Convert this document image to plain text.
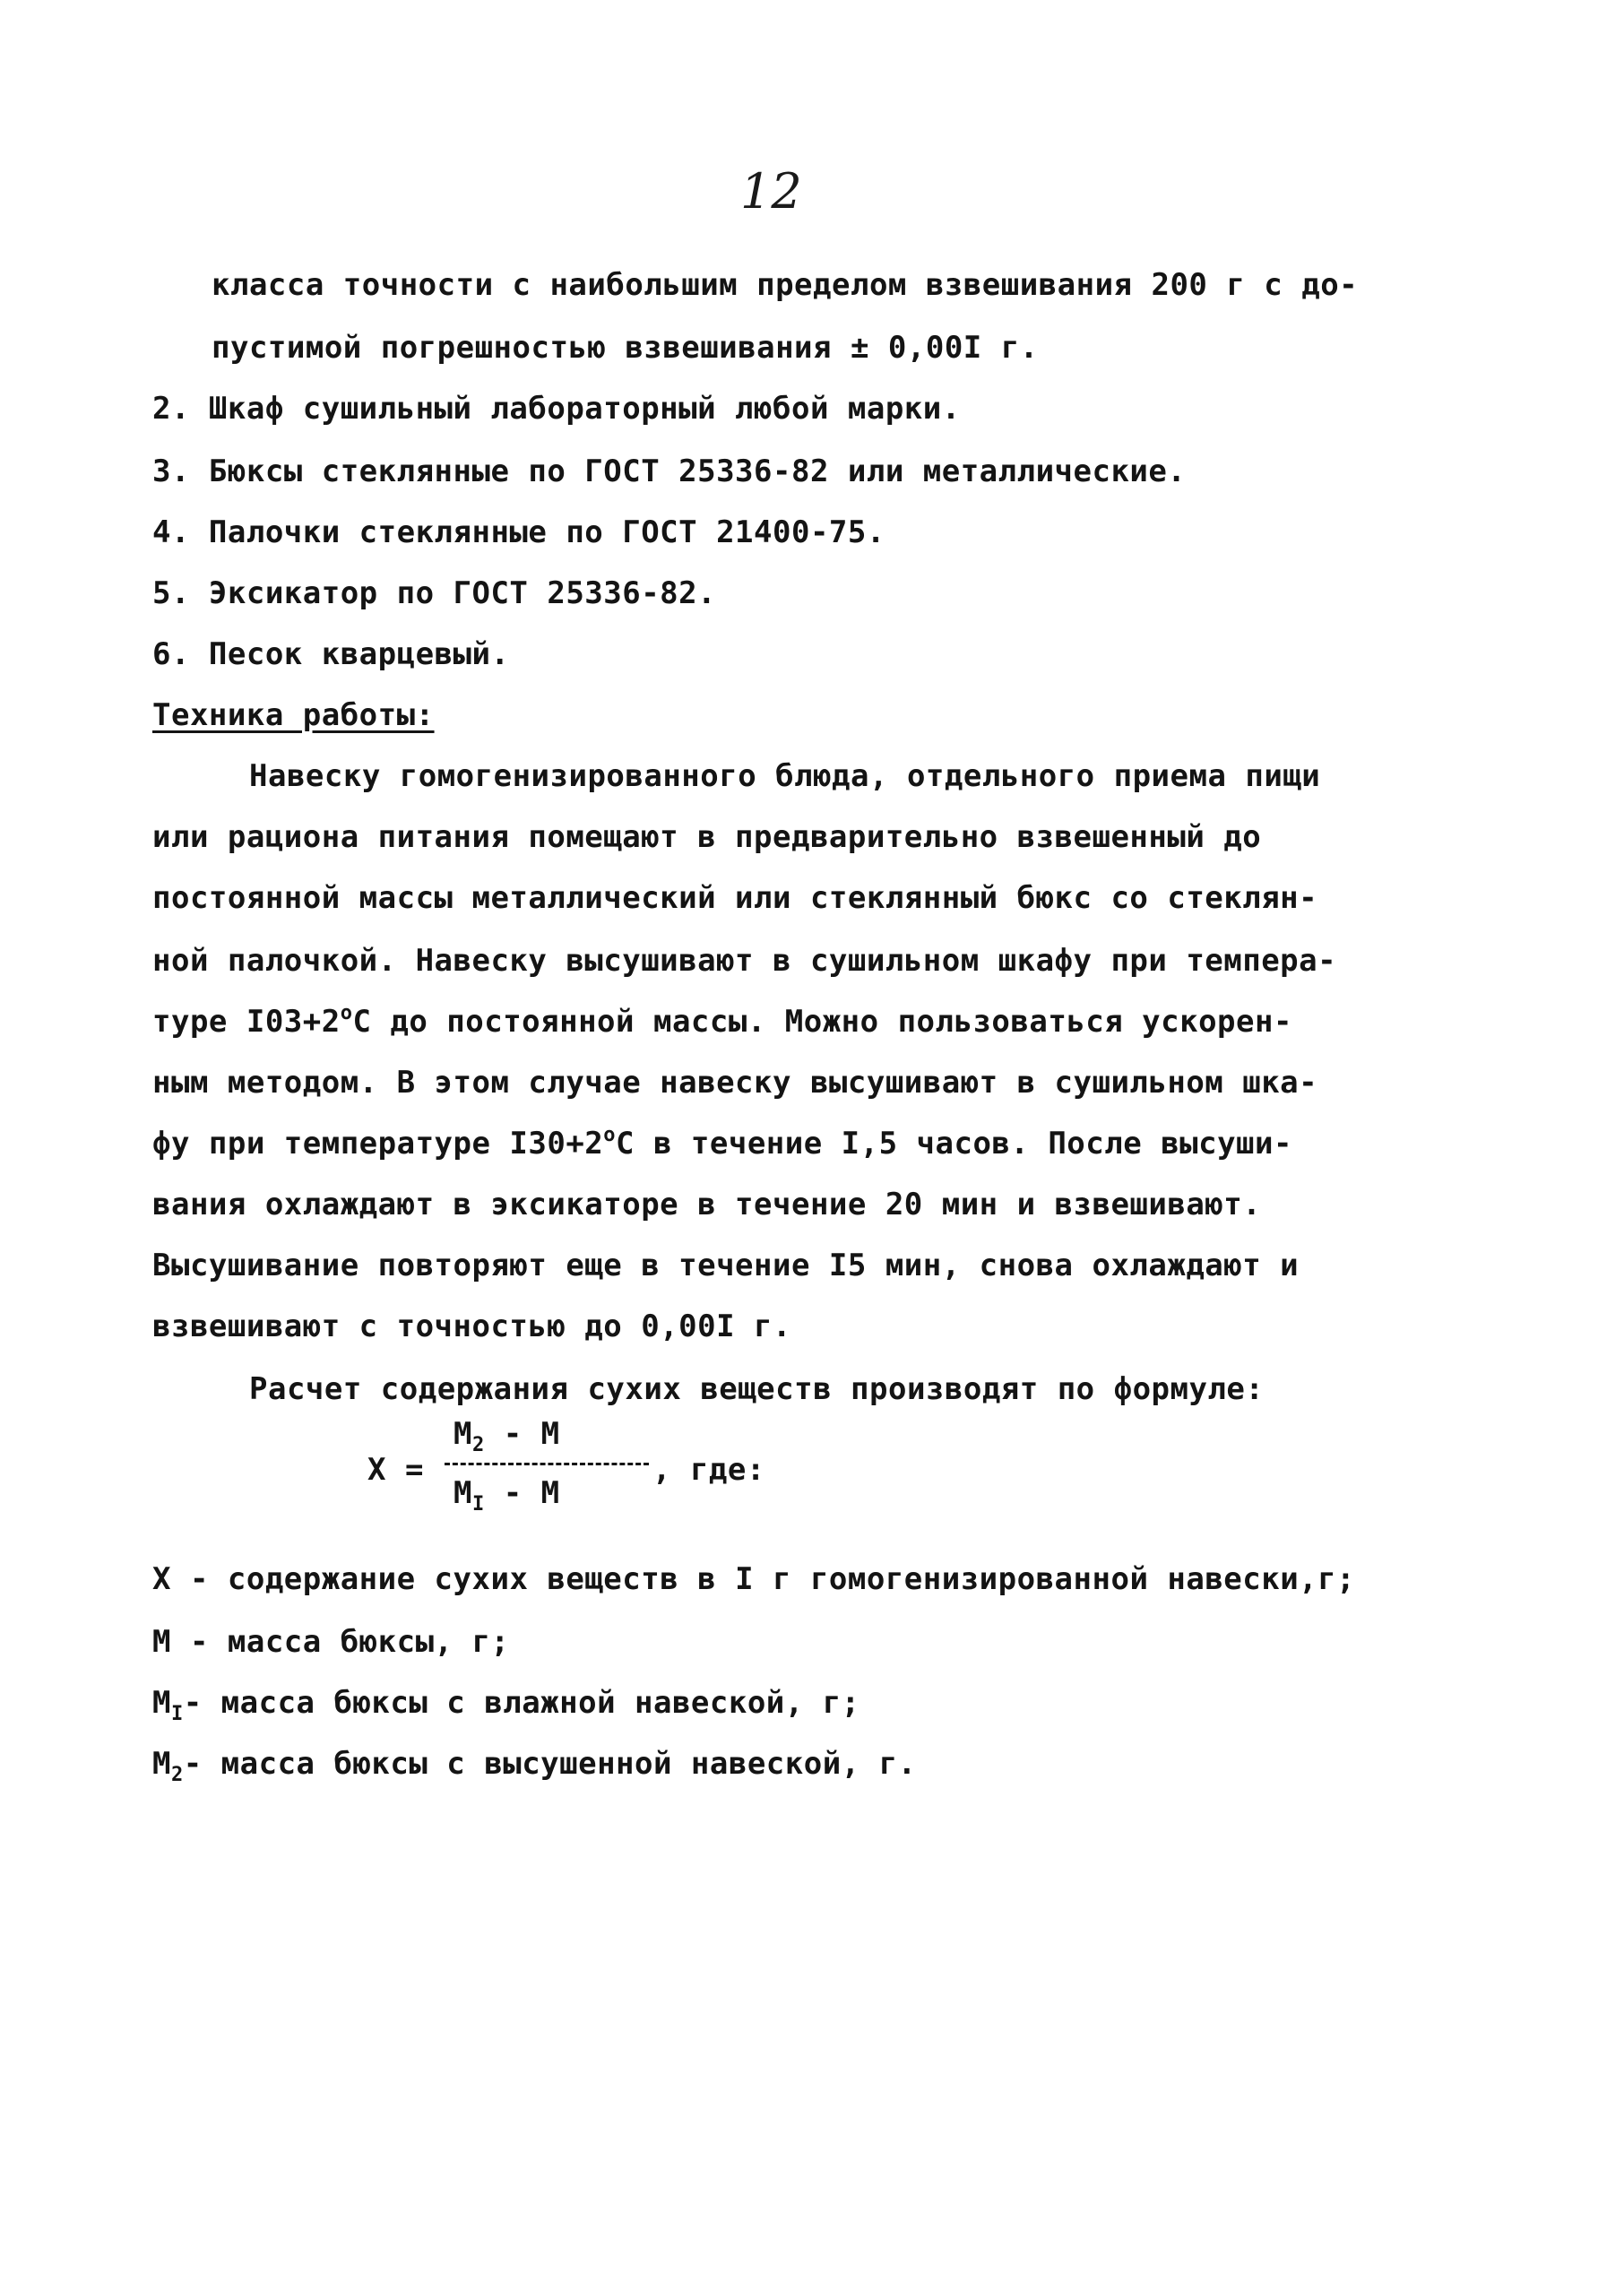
12
класса точности с наибольшим пределом взвешивания 200 г с до-
пустимой погрешностью взвешивания ± 0,00I г.
2. Шкаф сушильный лабораторный любой марки.
3. Бюксы стеклянные по ГОСТ 25336-82 или металлические.
4. Палочки стеклянные по ГОСТ 21400-75.
5. Эксикатор по ГОСТ 25336-82.
6. Песок кварцевый.
Техника работы:
Навеску гомогенизированного блюда, отдельного приема пищи
или рациона питания помещают в предварительно взвешенный до
постоянной массы металлический или стеклянный бюкс со стеклян-
ной палочкой. Навеску высушивают в сушильном шкафу при темпера-
туре $I03+2^оС$ до постоянной массы. Можно пользоваться ускорен-
ным методом. В этом случае навеску высушивают в сушильном шка-
фу при температуре $I30+2^оС$ в течение I,5 часов. После высуши-
вания охлаждают в эксикаторе в течение 20 мин и взвешивают.
Высушивание повторяют еще в течение I5 мин, снова охлаждают и
взвешивают с точностью до 0,00I г.
Расчет содержания сухих веществ производят по формуле:
X =
$M_2$ - M
$M_I$ - M
, где:
X - содержание сухих веществ в I г гомогенизированной навески,г;
M - масса бюксы, г;
$M_I-$ масса бюксы с влажной навеской, г;
$M_2-$ масса бюксы с высушенной навеской, г.
